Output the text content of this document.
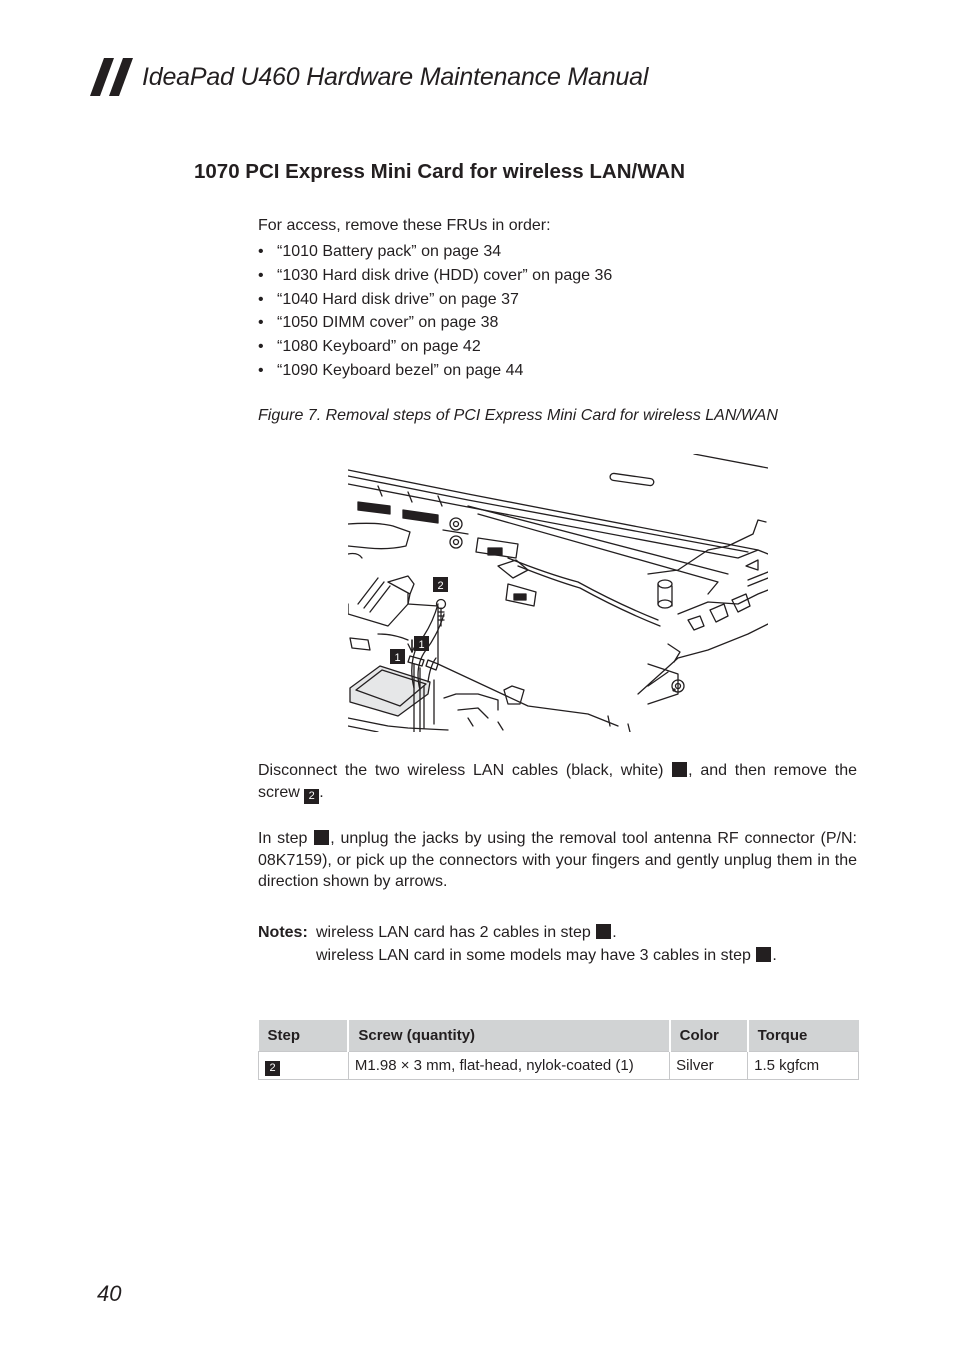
IdeaPad U460 Hardware Maintenance Manual
1070 PCI Express Mini Card for wireless LAN/WAN
For access, remove these FRUs in order:
• “1010 Battery pack” on page 34
• “1030 Hard disk drive (HDD) cover” on page 36
• “1040 Hard disk drive” on page 37
• “1050 DIMM cover” on page 38
• “1080 Keyboard” on page 42
• “1090 Keyboard bezel” on page 44
Figure 7. Removal steps of PCI Express Mini Card for wireless LAN/WAN
2
1
1

Disconnect the two wireless LAN cables (black, white) , and then remove the screw 2 .

In step , unplug the jacks by using the removal tool antenna RF connector (P/N: 08K7159), or pick up the connectors with your fingers and gently unplug them in the direction shown by arrows.

Notes: wireless LAN card has 2 cables in step .
wireless LAN card in some models may have 3 cables in step .
Step	Screw (quantity)	Color	Torque
2	M1.98 × 3 mm, flat-head, nylok-coated (1)	Silver	1.5 kgfcm
40
